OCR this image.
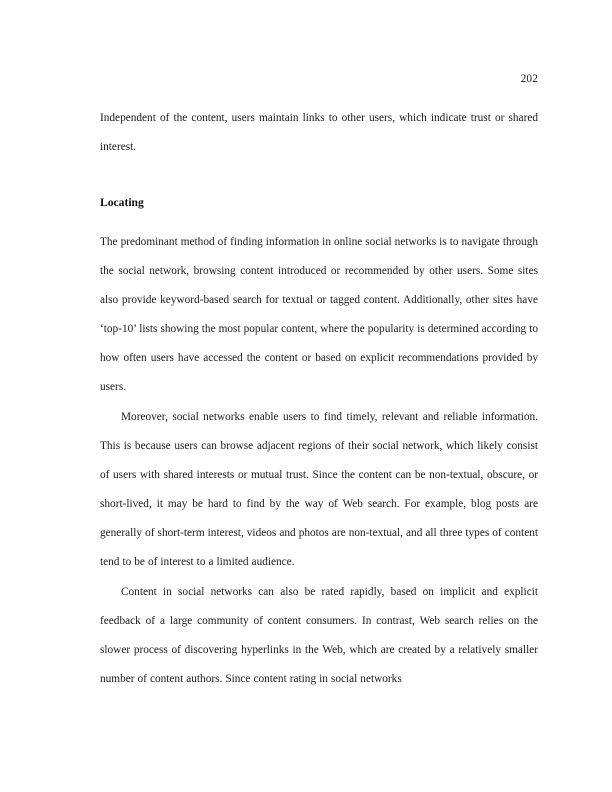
202

Independent of the content, users maintain links to other users, which indicate trust or shared interest.

Locating

The predominant method of finding information in online social networks is to navigate through the social network, browsing content introduced or recommended by other users. Some sites also provide keyword-based search for textual or tagged content. Additionally, other sites have ‘top-10’ lists showing the most popular content, where the popularity is determined according to how often users have accessed the content or based on explicit recommendations provided by users.

Moreover, social networks enable users to find timely, relevant and reliable information. This is because users can browse adjacent regions of their social network, which likely consist of users with shared interests or mutual trust. Since the content can be non-textual, obscure, or short-lived, it may be hard to find by the way of Web search. For example, blog posts are generally of short-term interest, videos and photos are non-textual, and all three types of content tend to be of interest to a limited audience.

Content in social networks can also be rated rapidly, based on implicit and explicit feedback of a large community of content consumers. In contrast, Web search relies on the slower process of discovering hyperlinks in the Web, which are created by a relatively smaller number of content authors. Since content rating in social networks
